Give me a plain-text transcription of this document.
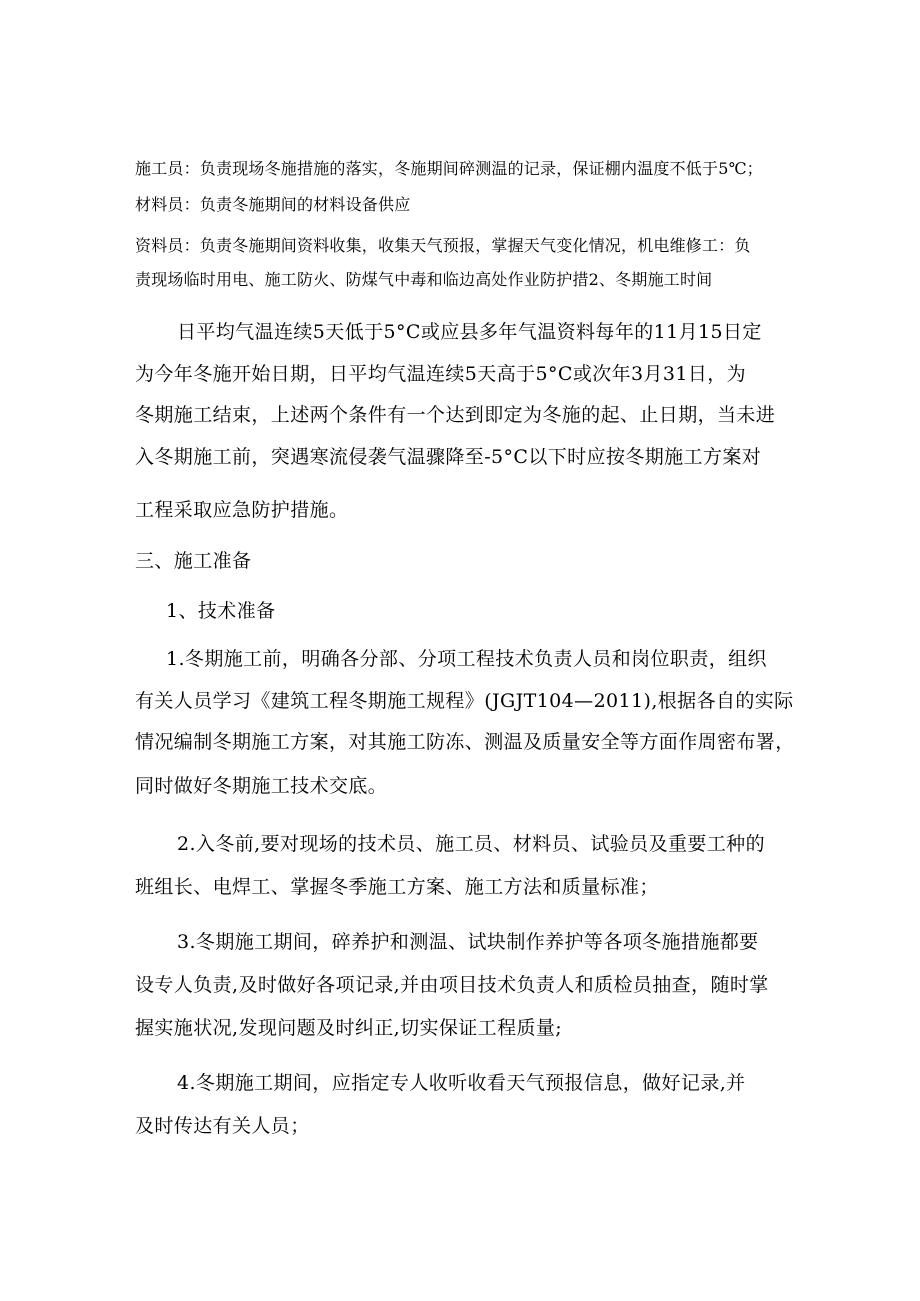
施工员：负责现场冬施措施的落实，冬施期间碎测温的记录，保证棚内温度不低于5℃；

材料员：负责冬施期间的材料设备供应

资料员：负责冬施期间资料收集，收集天气预报，掌握天气变化情况，机电维修工：负

责现场临时用电、施工防火、防煤气中毒和临边高处作业防护措2、冬期施工时间

日平均气温连续5天低于5°C或应县多年气温资料每年的11月15日定

为今年冬施开始日期，日平均气温连续5天高于5°C或次年3月31日，为

冬期施工结束，上述两个条件有一个达到即定为冬施的起、止日期，当未进

入冬期施工前，突遇寒流侵袭气温骤降至-5°C以下时应按冬期施工方案对

工程采取应急防护措施。

三、施工准备

1、技术准备

1.冬期施工前，明确各分部、分项工程技术负责人员和岗位职责，组织

有关人员学习《建筑工程冬期施工规程》(JGJT104—2011),根据各自的实际

情况编制冬期施工方案，对其施工防冻、测温及质量安全等方面作周密布署，

同时做好冬期施工技术交底。

2.入冬前,要对现场的技术员、施工员、材料员、试验员及重要工种的

班组长、电焊工、掌握冬季施工方案、施工方法和质量标准；

3.冬期施工期间，碎养护和测温、试块制作养护等各项冬施措施都要

设专人负责,及时做好各项记录,并由项目技术负责人和质检员抽查，随时掌

握实施状况,发现问题及时纠正,切实保证工程质量;

4.冬期施工期间，应指定专人收听收看天气预报信息，做好记录,并

及时传达有关人员；
